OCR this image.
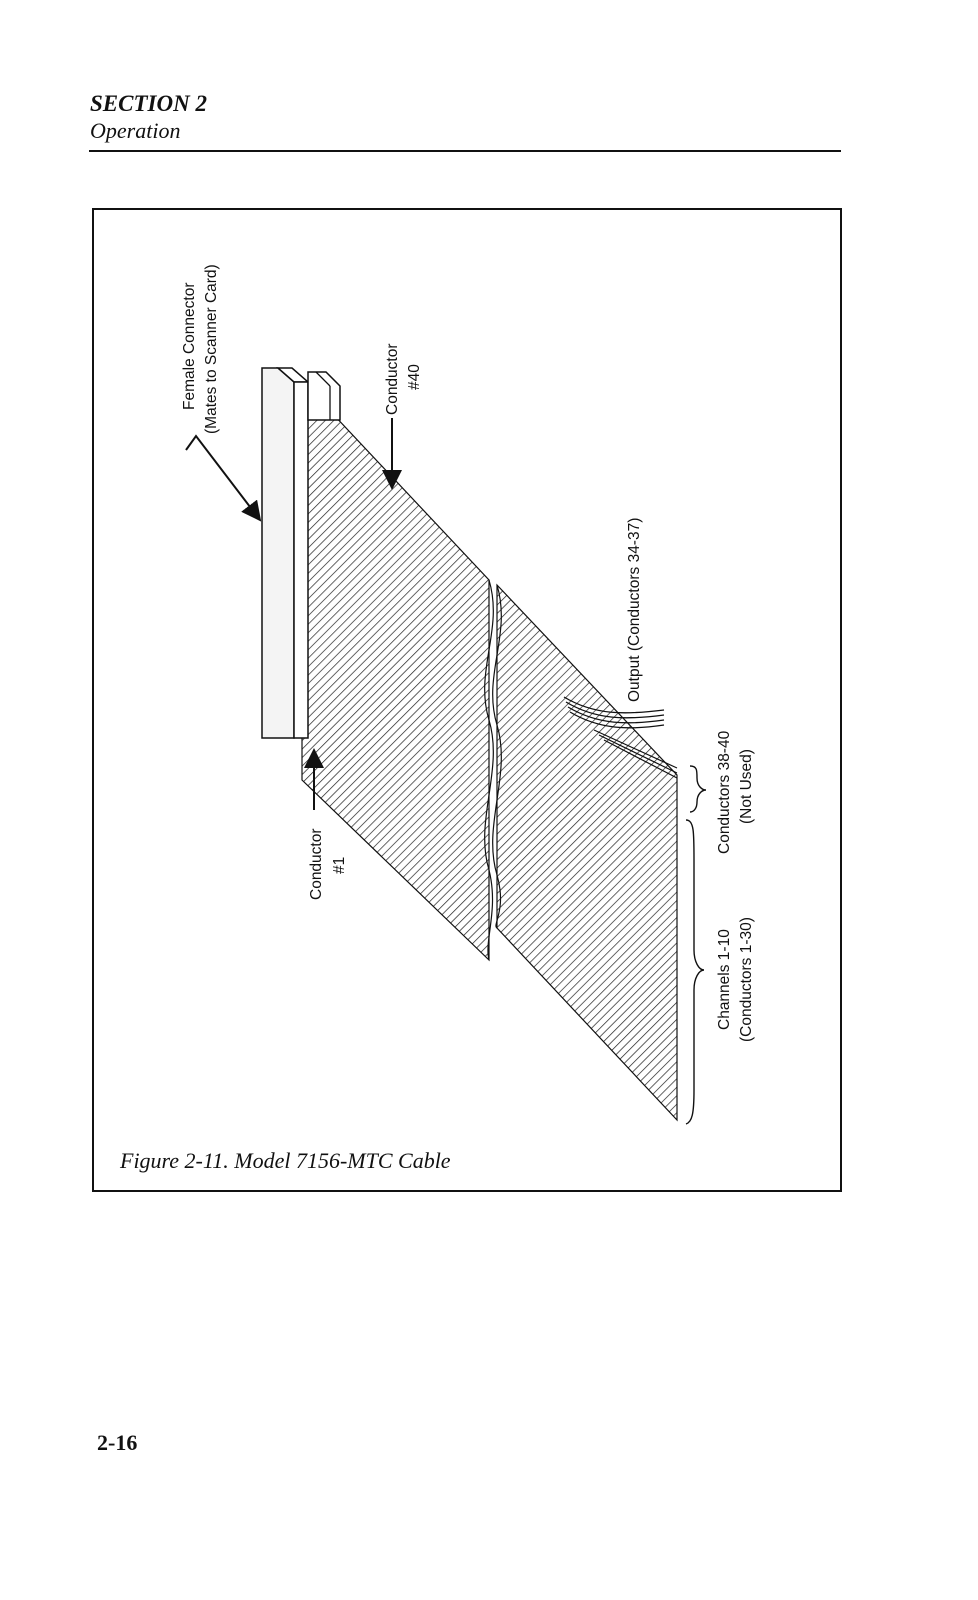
SECTION 2
Operation
Female Connector (Mates to Scanner Card)	Conductor #40
Conductor #1
Output (Conductors 34-37)
Conductors 38-40 (Not Used)
Channels 1-10 (Conductors 1-30)
Figure 2-11. Model 7156-MTC Cable
2-16
